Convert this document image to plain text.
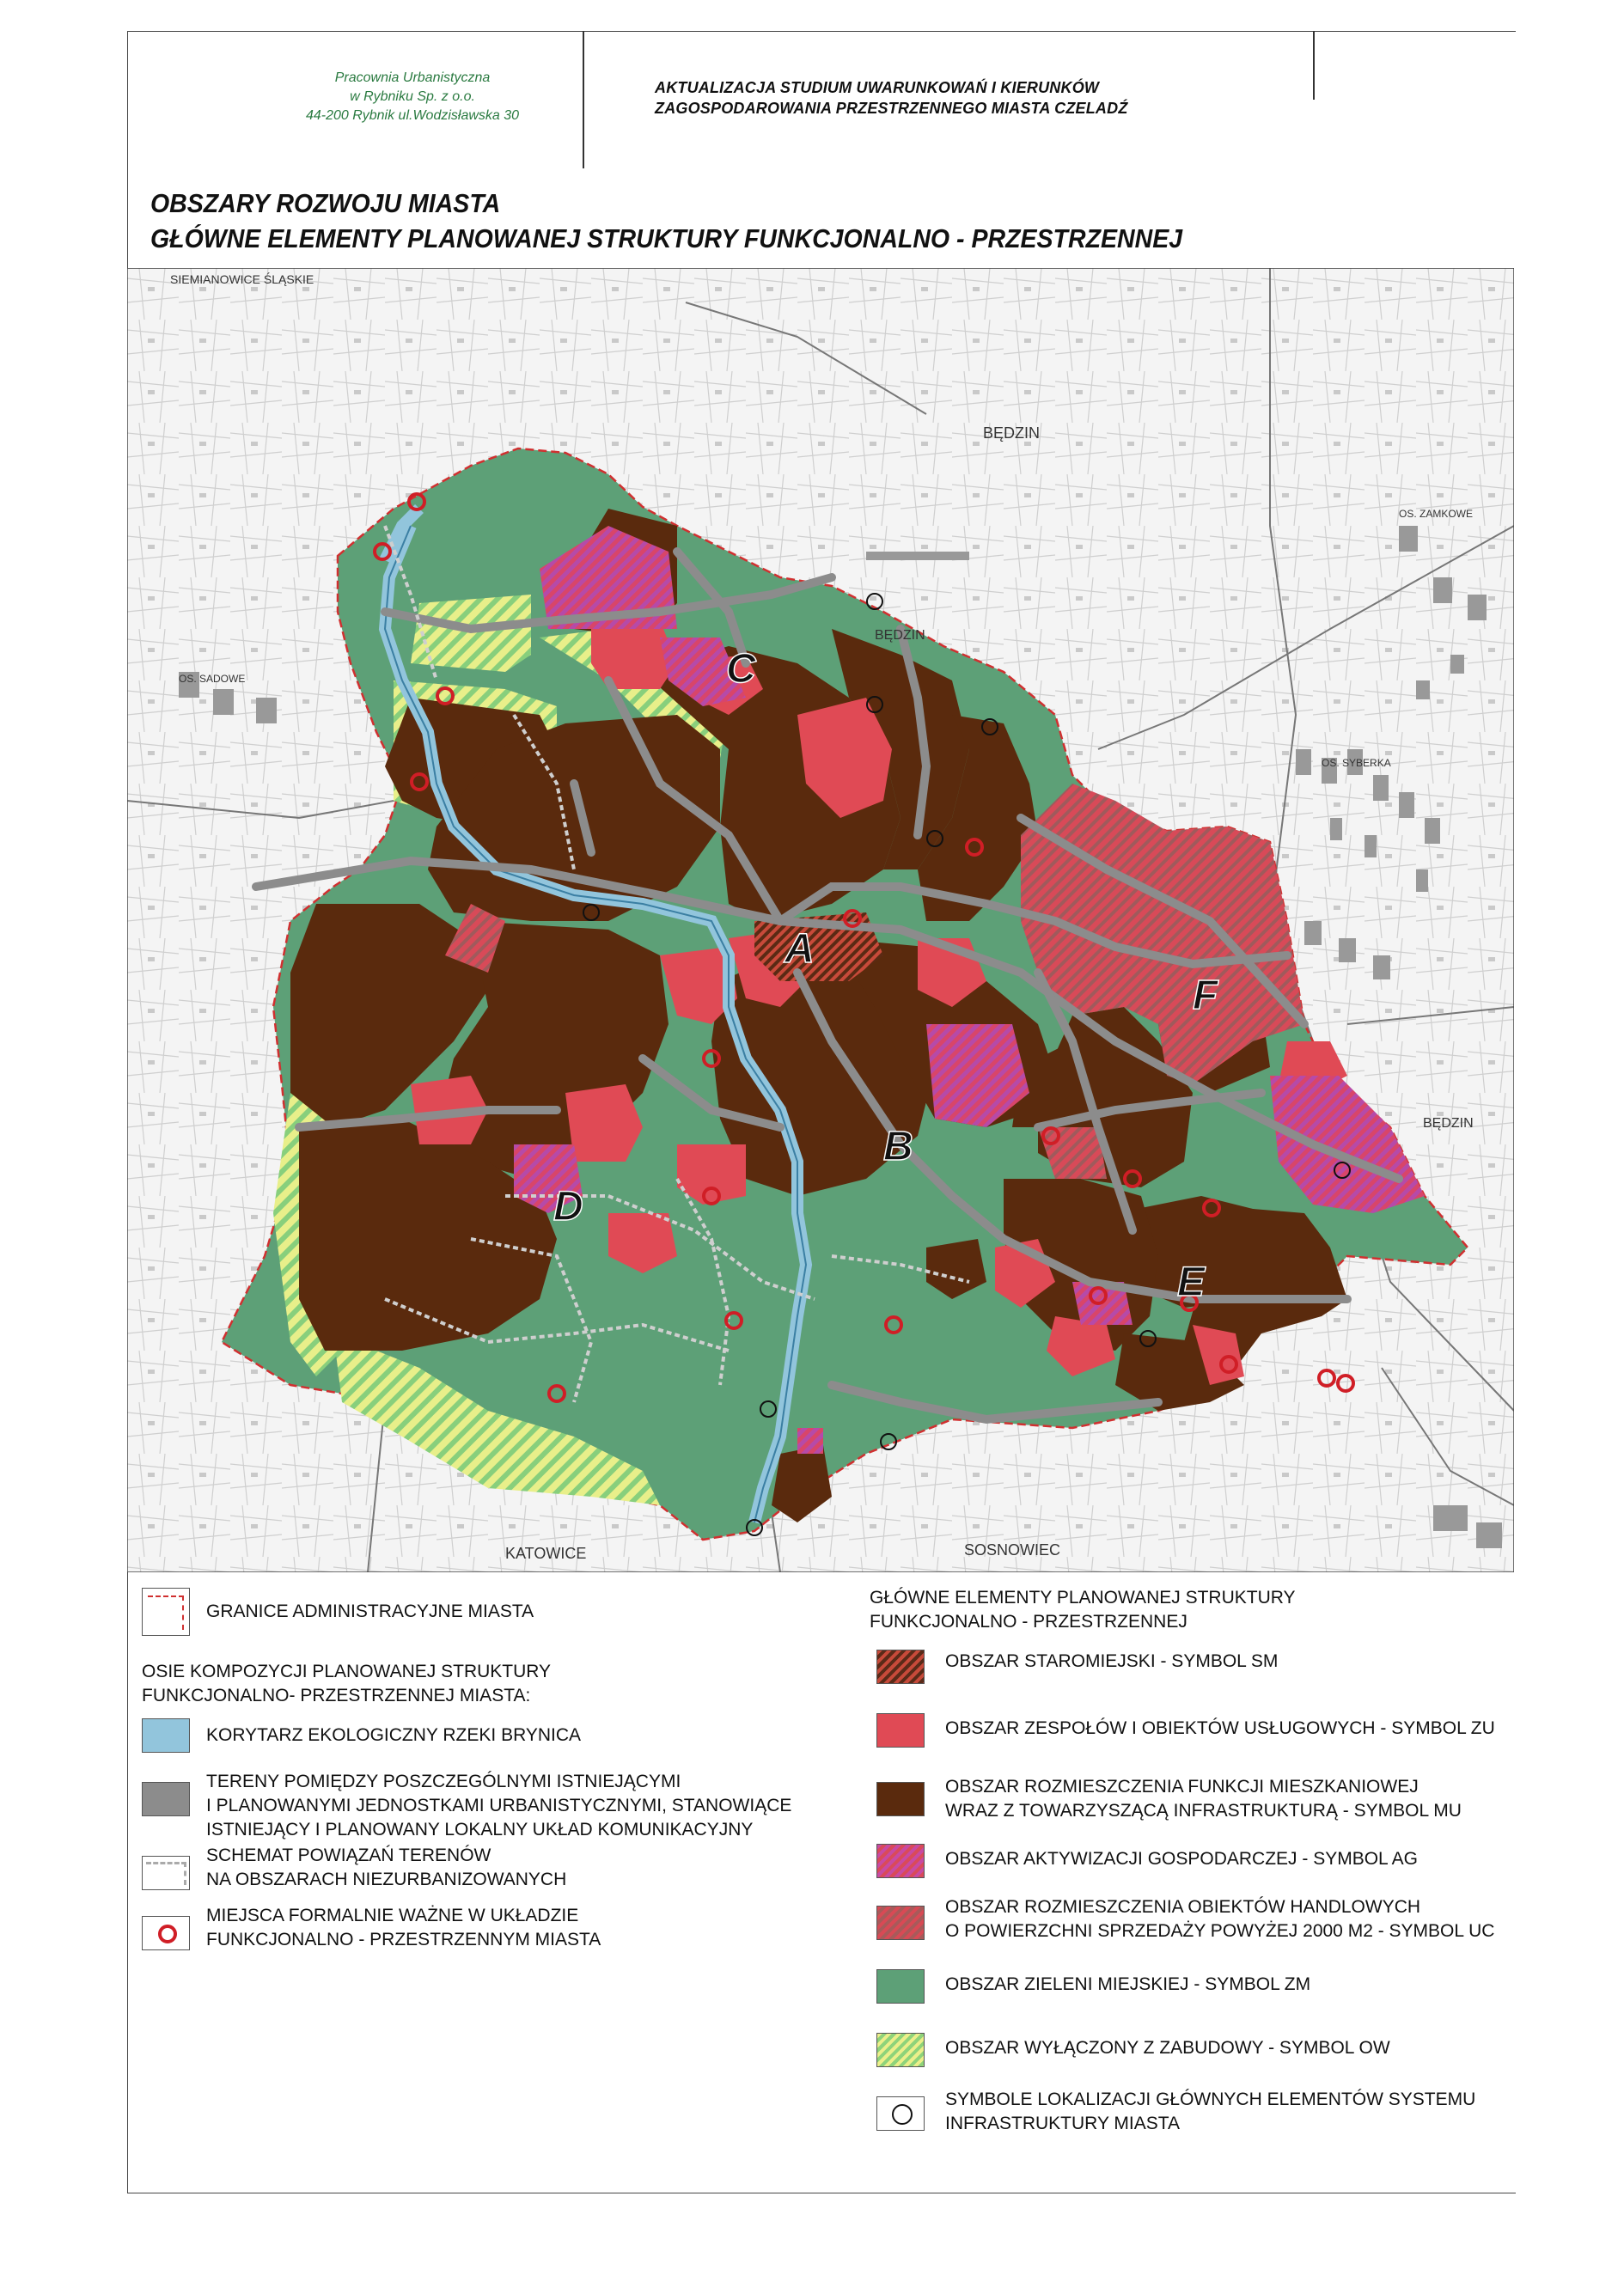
Pracownia Urbanistyczna
w Rybniku Sp. z o.o.
44-200 Rybnik ul.Wodzisławska 30
AKTUALIZACJA STUDIUM UWARUNKOWAŃ I KIERUNKÓW
ZAGOSPODAROWANIA PRZESTRZENNEGO MIASTA CZELADŹ
OBSZARY ROZWOJU MIASTA
GŁÓWNE ELEMENTY PLANOWANEJ STRUKTURY FUNKCJONALNO - PRZESTRZENNEJ
A
B
C
D
E
F
SIEMIANOWICE ŚLĄSKIE
BĘDZIN
BĘDZIN
BĘDZIN
KATOWICE	SOSNOWIEC
OS. ZAMKOWE
OS. SYBERKA
OS. SADOWE
GRANICE ADMINISTRACYJNE MIASTA
OSIE KOMPOZYCJI PLANOWANEJ STRUKTURY
FUNKCJONALNO- PRZESTRZENNEJ MIASTA:
KORYTARZ EKOLOGICZNY RZEKI BRYNICA
TERENY POMIĘDZY POSZCZEGÓLNYMI ISTNIEJĄCYMI
I PLANOWANYMI JEDNOSTKAMI URBANISTYCZNYMI, STANOWIĄCE
ISTNIEJĄCY I PLANOWANY LOKALNY UKŁAD KOMUNIKACYJNY
SCHEMAT POWIĄZAŃ TERENÓW
NA OBSZARACH NIEZURBANIZOWANYCH
MIEJSCA FORMALNIE WAŻNE W UKŁADZIE
FUNKCJONALNO - PRZESTRZENNYM MIASTA
GŁÓWNE ELEMENTY PLANOWANEJ STRUKTURY
FUNKCJONALNO - PRZESTRZENNEJ
OBSZAR STAROMIEJSKI - SYMBOL SM
OBSZAR ZESPOŁÓW I OBIEKTÓW USŁUGOWYCH - SYMBOL ZU
OBSZAR ROZMIESZCZENIA FUNKCJI MIESZKANIOWEJ
WRAZ Z TOWARZYSZĄCĄ INFRASTRUKTURĄ - SYMBOL MU
OBSZAR AKTYWIZACJI GOSPODARCZEJ - SYMBOL AG
OBSZAR ROZMIESZCZENIA OBIEKTÓW HANDLOWYCH
O POWIERZCHNI SPRZEDAŻY POWYŻEJ 2000 M2 - SYMBOL UC
OBSZAR ZIELENI MIEJSKIEJ - SYMBOL ZM
OBSZAR WYŁĄCZONY Z ZABUDOWY - SYMBOL OW
SYMBOLE LOKALIZACJI GŁÓWNYCH ELEMENTÓW SYSTEMU
INFRASTRUKTURY MIASTA
